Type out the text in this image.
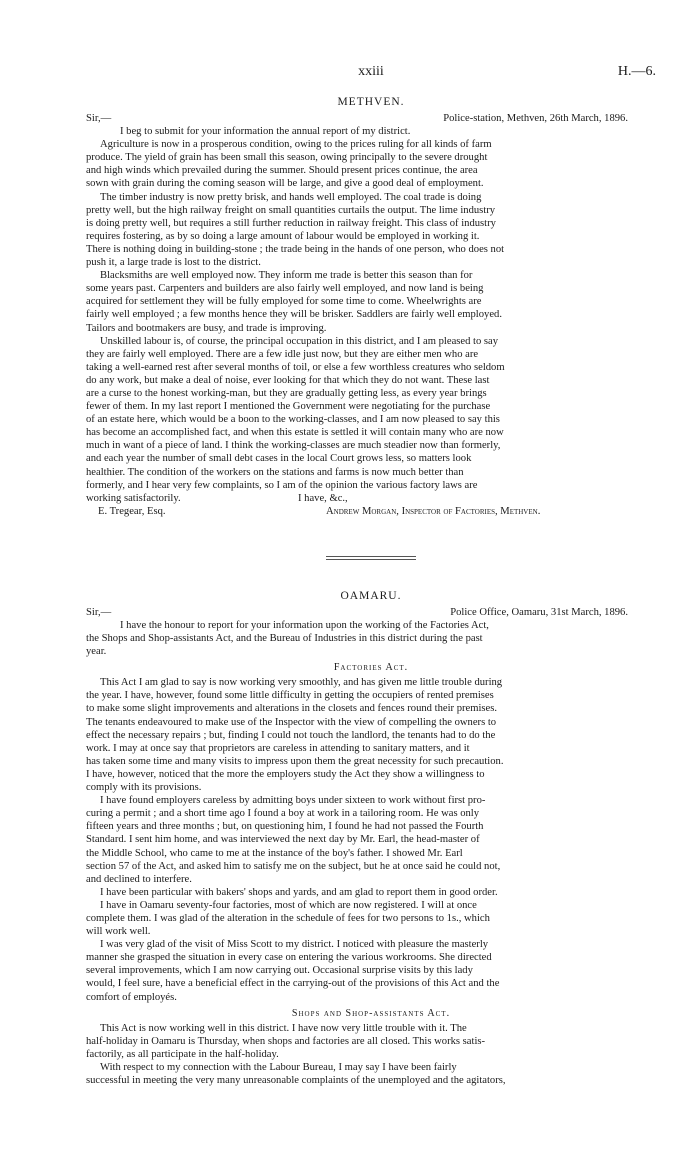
xxiii	H.—6.
METHVEN.
Sir,—	Police-station, Methven, 26th March, 1896.
I beg to submit for your information the annual report of my district.
Agriculture is now in a prosperous condition, owing to the prices ruling for all kinds of farm
produce. The yield of grain has been small this season, owing principally to the severe drought
and high winds which prevailed during the summer. Should present prices continue, the area
sown with grain during the coming season will be large, and give a good deal of employment.
The timber industry is now pretty brisk, and hands well employed. The coal trade is doing
pretty well, but the high railway freight on small quantities curtails the output. The lime industry
is doing pretty well, but requires a still further reduction in railway freight. This class of industry
requires fostering, as by so doing a large amount of labour would be employed in working it.
There is nothing doing in building-stone ; the trade being in the hands of one person, who does not
push it, a large trade is lost to the district.
Blacksmiths are well employed now. They inform me trade is better this season than for
some years past. Carpenters and builders are also fairly well employed, and now land is being
acquired for settlement they will be fully employed for some time to come. Wheelwrights are
fairly well employed ; a few months hence they will be brisker. Saddlers are fairly well employed.
Tailors and bootmakers are busy, and trade is improving.
Unskilled labour is, of course, the principal occupation in this district, and I am pleased to say
they are fairly well employed. There are a few idle just now, but they are either men who are
taking a well-earned rest after several months of toil, or else a few worthless creatures who seldom
do any work, but make a deal of noise, ever looking for that which they do not want. These last
are a curse to the honest working-man, but they are gradually getting less, as every year brings
fewer of them. In my last report I mentioned the Government were negotiating for the purchase
of an estate here, which would be a boon to the working-classes, and I am now pleased to say this
has become an accomplished fact, and when this estate is settled it will contain many who are now
much in want of a piece of land. I think the working-classes are much steadier now than formerly,
and each year the number of small debt cases in the local Court grows less, so matters look
healthier. The condition of the workers on the stations and farms is now much better than
formerly, and I hear very few complaints, so I am of the opinion the various factory laws are
working satisfactorily.	I have, &c.,
E. Tregear, Esq.	Andrew Morgan, Inspector of Factories, Methven.
OAMARU.
Sir,—	Police Office, Oamaru, 31st March, 1896.
I have the honour to report for your information upon the working of the Factories Act,
the Shops and Shop-assistants Act, and the Bureau of Industries in this district during the past
year.
Factories Act.
This Act I am glad to say is now working very smoothly, and has given me little trouble during
the year. I have, however, found some little difficulty in getting the occupiers of rented premises
to make some slight improvements and alterations in the closets and fences round their premises.
The tenants endeavoured to make use of the Inspector with the view of compelling the owners to
effect the necessary repairs ; but, finding I could not touch the landlord, the tenants had to do the
work. I may at once say that proprietors are careless in attending to sanitary matters, and it
has taken some time and many visits to impress upon them the great necessity for such precaution.
I have, however, noticed that the more the employers study the Act they show a willingness to
comply with its provisions.
I have found employers careless by admitting boys under sixteen to work without first pro-
curing a permit ; and a short time ago I found a boy at work in a tailoring room. He was only
fifteen years and three months ; but, on questioning him, I found he had not passed the Fourth
Standard. I sent him home, and was interviewed the next day by Mr. Earl, the head-master of
the Middle School, who came to me at the instance of the boy's father. I showed Mr. Earl
section 57 of the Act, and asked him to satisfy me on the subject, but he at once said he could not,
and declined to interfere.
I have been particular with bakers' shops and yards, and am glad to report them in good order.
I have in Oamaru seventy-four factories, most of which are now registered. I will at once
complete them. I was glad of the alteration in the schedule of fees for two persons to 1s., which
will work well.
I was very glad of the visit of Miss Scott to my district. I noticed with pleasure the masterly
manner she grasped the situation in every case on entering the various workrooms. She directed
several improvements, which I am now carrying out. Occasional surprise visits by this lady
would, I feel sure, have a beneficial effect in the carrying-out of the provisions of this Act and the
comfort of employés.
Shops and Shop-assistants Act.
This Act is now working well in this district. I have now very little trouble with it. The
half-holiday in Oamaru is Thursday, when shops and factories are all closed. This works satis-
factorily, as all participate in the half-holiday.
With respect to my connection with the Labour Bureau, I may say I have been fairly
successful in meeting the very many unreasonable complaints of the unemployed and the agitators,
